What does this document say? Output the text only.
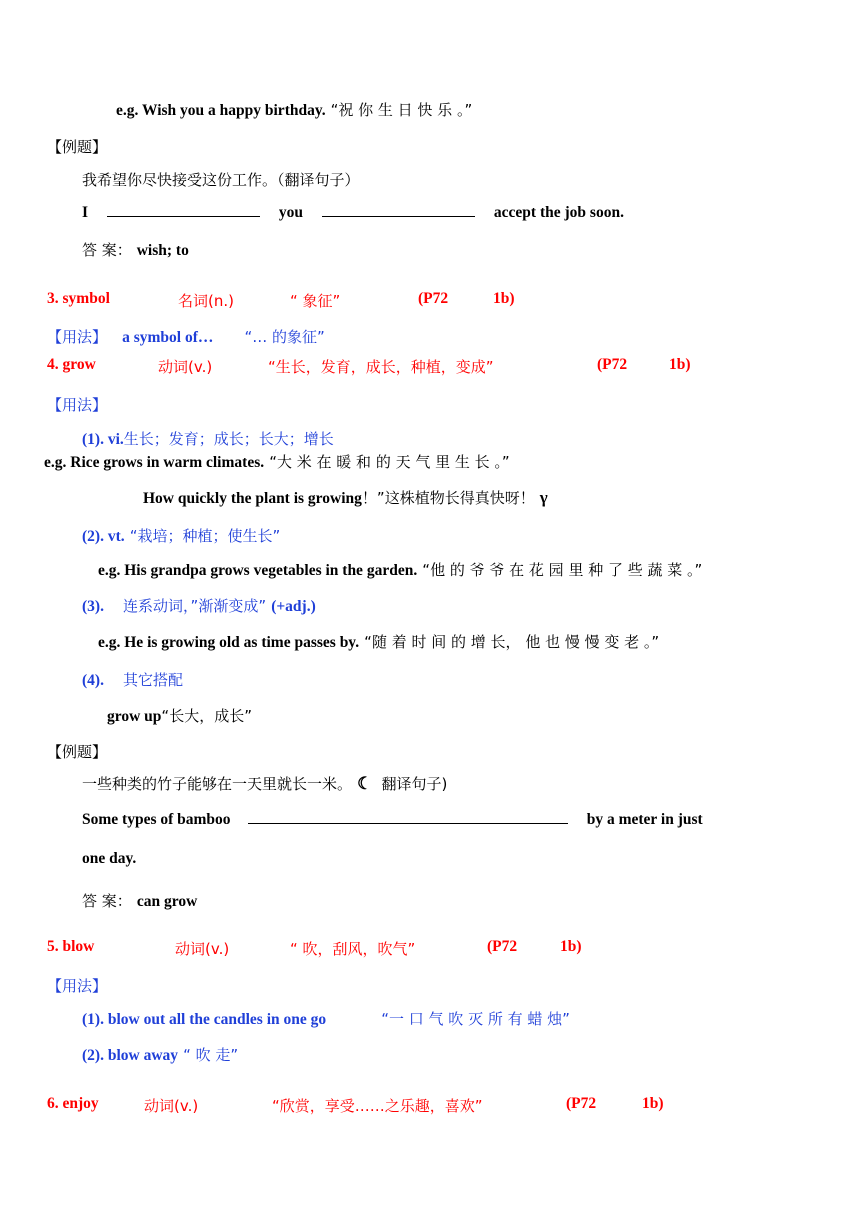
e.g. Wish you a happy birthday. “祝 你 生 日 快 乐 。”
【例题】
我希望你尽快接受这份工作。（翻译句子）
I	you	accept the job soon.
答 案： wish; to
3. symbol	名词(n.)	“ 象征”	(P72	1b)
【用法】 a symbol of… “… 的象征”
4. grow	动词(v.)	“生长，发育，成长，种植，变成”	(P72	1b)
【用法】
(1). vi.生长；发育；成长；长大；增长
e.g. Rice grows in warm climates. “大 米 在 暖 和 的 天 气 里 生 长 。”
How quickly the plant is growing！”这株植物长得真快呀！ γ
(2). vt. “栽培；种植；使生长”
e.g. His grandpa grows vegetables in the garden. “他 的 爷 爷 在 花 园 里 种 了 些 蔬 菜 。”
(3). 连系动词，”渐渐变成” (+adj.)
e.g. He is growing old as time passes by. “随 着 时 间 的 增 长， 他 也 慢 慢 变 老 。”
(4). 其它搭配
grow up“长大，成长”
【例题】
一些种类的竹子能够在一天里就长一米。 ☾ 翻译句子)
Some types of bamboo	by a meter in just
one day.
答 案： can grow
5. blow	动词(v.)	“ 吹，刮风，吹气”	(P72	1b)
【用法】
(1). blow out all the candles in one go	“一 口 气 吹 灭 所 有 蜡 烛”
(2). blow away “ 吹 走”
6. enjoy	动词(v.)	“欣赏，享受……之乐趣，喜欢”	(P72	1b)
